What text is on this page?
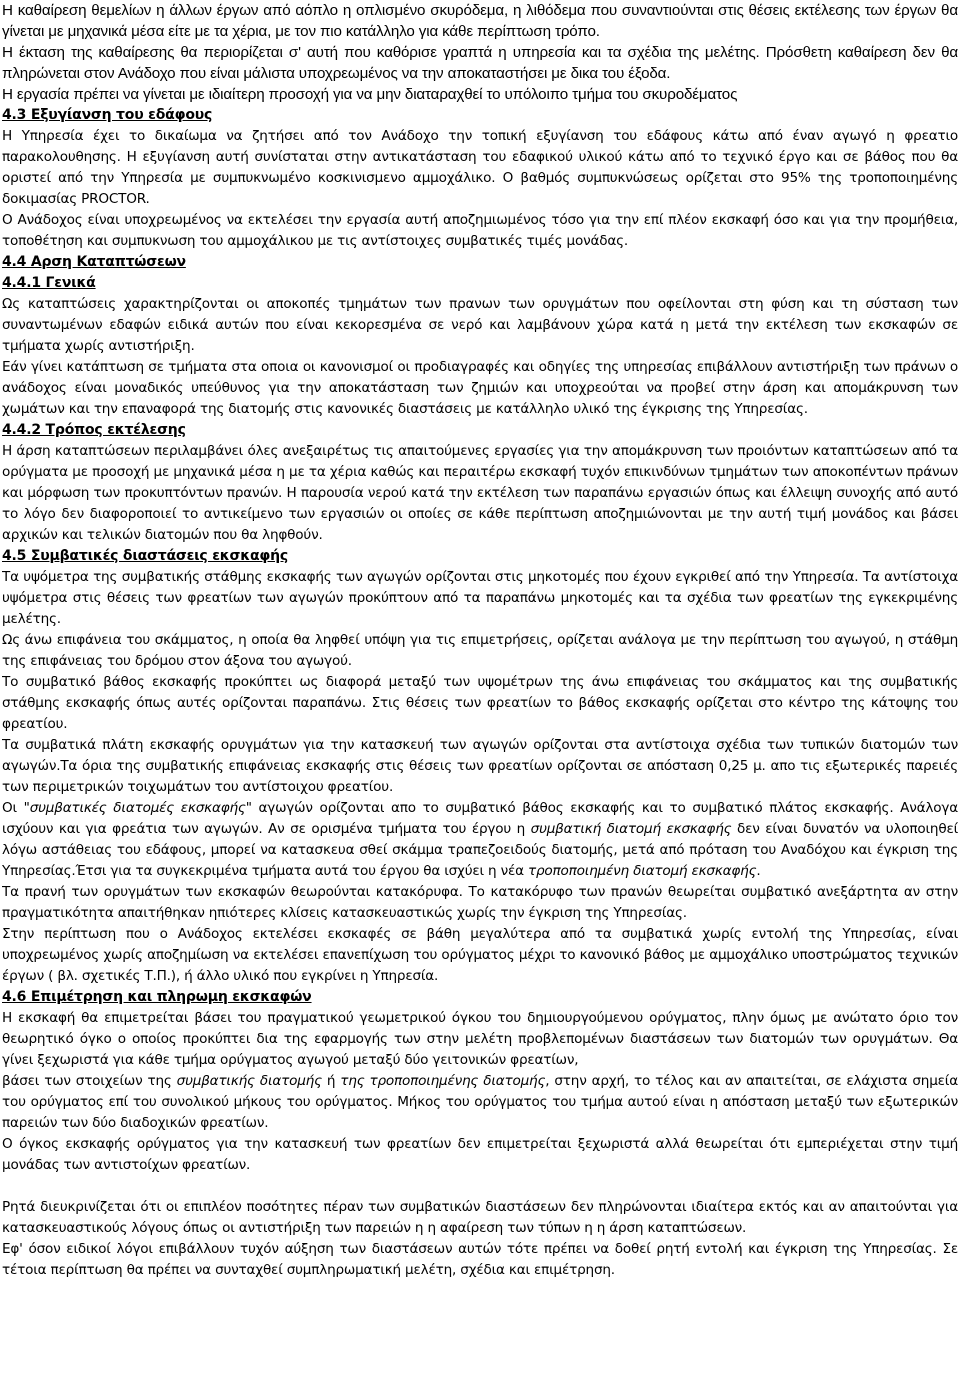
Η καθαίρεση θεμελίων η άλλων έργων από αόπλο η οπλισμένο σκυρόδεμα, η λιθόδεμα που συναντιούνται στις θέσεις εκτέλεσης των έργων θα γίνεται με μηχανικά μέσα είτε με τα χέρια, με τον πιο κατάλληλο για κάθε περίπτωση τρόπο.

Η έκταση της καθαίρεσης θα περιορίζεται σ' αυτή που καθόρισε γραπτά η υπηρεσία και τα σχέδια της μελέτης. Πρόσθετη καθαίρεση δεν θα πληρώνεται στον Ανάδοχο που είναι μάλιστα υποχρεωμένος να την αποκαταστήσει με δικα του έξοδα.

Η εργασία πρέπει να γίνεται με ιδιαίτερη προσοχή για να μην διαταραχθεί το υπόλοιπο τμήμα του σκυροδέματος

4.3 Εξυγίανση του εδάφους

Η Υπηρεσία έχει το δικαίωμα να ζητήσει από τον Ανάδοχο την τοπική εξυγίανση του εδάφους κάτω από έναν αγωγό η φρεατιο παρακολουθησης. Η εξυγίανση αυτή συνίσταται στην αντικατάσταση του εδαφικού υλικού κάτω από το τεχνικό έργο και σε βάθος που θα οριστεί από την Υπηρεσία με συμπυκνωμένο κοσκινισμενο αμμοχάλικο. Ο βαθμός συμπυκνώσεως ορίζεται στο 95% της τροποποιημένης δοκιμασίας PROCTOR.

Ο Ανάδοχος είναι υποχρεωμένος να εκτελέσει την εργασία αυτή αποζημιωμένος τόσο για την επί πλέον εκσκαφή όσο και για την προμήθεια, τοποθέτηση και συμπυκνωση του αμμοχάλικου με τις αντίστοιχες συμβατικές τιμές μονάδας.

4.4 Αρση Καταπτώσεων

4.4.1 Γενικά

Ως καταπτώσεις χαρακτηρίζονται οι αποκοπές τμημάτων των πρανων των ορυγμάτων που οφείλονται στη φύση και τη σύσταση των συναντωμένων εδαφών ειδικά αυτών που είναι κεκορεσμένα σε νερό και λαμβάνουν χώρα κατά η μετά την εκτέλεση των εκσκαφών σε τμήματα χωρίς αντιστήριξη.

Εάν γίνει κατάπτωση σε τμήματα στα οποια οι κανονισμοί οι προδιαγραφές και οδηγίες της υπηρεσίας επιβάλλουν αντιστήριξη των πράνων ο ανάδοχος είναι μοναδικός υπεύθυνος για την αποκατάσταση των ζημιών και υποχρεούται να προβεί στην άρση και απομάκρυνση των χωμάτων και την επαναφορά της διατομής στις κανονικές διαστάσεις με κατάλληλο υλικό της έγκρισης της Υπηρεσίας.

4.4.2 Τρόπος εκτέλεσης

Η άρση καταπτώσεων περιλαμβάνει όλες ανεξαιρέτως τις απαιτούμενες εργασίες για την απομάκρυνση των προιόντων καταπτώσεων από τα ορύγματα με προσοχή με μηχανικά μέσα η με τα χέρια καθώς και περαιτέρω εκσκαφή τυχόν επικινδύνων τμημάτων των αποκοπέντων πράνων και μόρφωση των προκυπτόντων πρανών. Η παρουσία νερού κατά την εκτέλεση των παραπάνω εργασιών όπως και έλλειψη συνοχής από αυτό το λόγο δεν διαφοροποιεί το αντικείμενο των εργασιών οι οποίες σε κάθε περίπτωση αποζημιώνονται με την αυτή τιμή μονάδος και βάσει αρχικών και τελικών διατομών που θα ληφθούν.

4.5 Συμβατικές διαστάσεις εκσκαφής

Τα υψόμετρα της συμβατικής στάθμης εκσκαφής των αγωγών ορίζονται στις μηκοτομές που έχουν εγκριθεί από την Υπηρεσία. Τα αντίστοιχα υψόμετρα στις θέσεις των φρεατίων των αγωγών προκύπτουν από τα παραπάνω μηκοτομές και τα σχέδια των φρεατίων της εγκεκριμένης μελέτης.

Ως άνω επιφάνεια του σκάμματος, η οποία θα ληφθεί υπόψη για τις επιμετρήσεις, ορίζεται ανάλογα με την περίπτωση του αγωγού, η στάθμη της επιφάνειας του δρόμου στον άξονα του αγωγού.

Το συμβατικό βάθος εκσκαφής προκύπτει ως διαφορά μεταξύ των υψομέτρων της άνω επιφάνειας του σκάμματος και της συμβατικής στάθμης εκσκαφής όπως αυτές ορίζονται παραπάνω. Στις θέσεις των φρεατίων το βάθος εκσκαφής ορίζεται στο κέντρο της κάτοψης του φρεατίου.

Τα συμβατικά πλάτη εκσκαφής ορυγμάτων για την κατασκευή των αγωγών ορίζονται στα αντίστοιχα σχέδια των τυπικών διατομών των αγωγών.Τα όρια της συμβατικής επιφάνειας εκσκαφής στις θέσεις των φρεατίων ορίζονται σε απόσταση 0,25 μ. απο τις εξωτερικές παρειές των περιμετρικών τοιχωμάτων του αντίστοιχου φρεατίου.

Οι "συμβατικές διατομές εκσκαφής" αγωγών ορίζονται απο το συμβατικό βάθος εκσκαφής και το συμβατικό πλάτος εκσκαφής. Ανάλογα ισχύουν και για φρεάτια των αγωγών. Αν σε ορισμένα τμήματα του έργου η συμβατική διατομή εκσκαφής δεν είναι δυνατόν να υλοποιηθεί λόγω αστάθειας του εδάφους, μπορεί να κατασκευα σθεί σκάμμα τραπεζοειδούς διατομής, μετά από πρόταση του Αναδόχου και έγκριση της Υπηρεσίας.Έτσι για τα συγκεκριμένα τμήματα αυτά του έργου θα ισχύει η νέα τροποποιημένη διατομή εκσκαφής.

Τα πρανή των ορυγμάτων των εκσκαφών θεωρούνται κατακόρυφα. Το κατακόρυφο των πρανών θεωρείται συμβατικό ανεξάρτητα αν στην πραγματικότητα απαιτήθηκαν ηπιότερες κλίσεις κατασκευαστικώς χωρίς την έγκριση της Υπηρεσίας.

Στην περίπτωση που ο Ανάδοχος εκτελέσει εκσκαφές σε βάθη μεγαλύτερα από τα συμβατικά χωρίς εντολή της Υπηρεσίας, είναι υποχρεωμένος χωρίς αποζημίωση να εκτελέσει επανεπίχωση του ορύγματος μέχρι το κανονικό βάθος με αμμοχάλικο υποστρώματος τεχνικών έργων ( βλ. σχετικές Τ.Π.), ή άλλο υλικό που εγκρίνει η Υπηρεσία.

4.6 Επιμέτρηση και πληρωμη εκσκαφών

Η εκσκαφή θα επιμετρείται βάσει του πραγματικού γεωμετρικού όγκου του δημιουργούμενου ορύγματος, πλην όμως με ανώτατο όριο τον θεωρητικό όγκο ο οποίος προκύπτει δια της εφαρμογής των στην μελέτη προβλεπομένων διαστάσεων των διατομών των ορυγμάτων. Θα γίνει ξεχωριστά για κάθε τμήμα ορύγματος αγωγού μεταξύ δύο γειτονικών φρεατίων,

βάσει των στοιχείων της συμβατικής διατομής ή της τροποποιημένης διατομής, στην αρχή, το τέλος και αν απαιτείται, σε ελάχιστα σημεία του ορύγματος επί του συνολικού μήκους του ορύγματος. Μήκος του ορύγματος του τμήμα αυτού είναι η απόσταση μεταξύ των εξωτερικών παρειών των δύο διαδοχικών φρεατίων.

Ο όγκος εκσκαφής ορύγματος για την κατασκευή των φρεατίων δεν επιμετρείται ξεχωριστά αλλά θεωρείται ότι εμπεριέχεται στην τιμή μονάδας των αντιστοίχων φρεατίων.

Ρητά διευκρινίζεται ότι οι επιπλέον ποσότητες πέραν των συμβατικών διαστάσεων δεν πληρώνονται ιδιαίτερα εκτός και αν απαιτούνται για κατασκευαστικούς λόγους όπως οι αντιστήριξη των παρειών η η αφαίρεση των τύπων η η άρση καταπτώσεων.

Εφ' όσον ειδικοί λόγοι επιβάλλουν τυχόν αύξηση των διαστάσεων αυτών τότε πρέπει να δοθεί ρητή εντολή και έγκριση της Υπηρεσίας. Σε τέτοια περίπτωση θα πρέπει να συνταχθεί συμπληρωματική μελέτη, σχέδια και επιμέτρηση.
